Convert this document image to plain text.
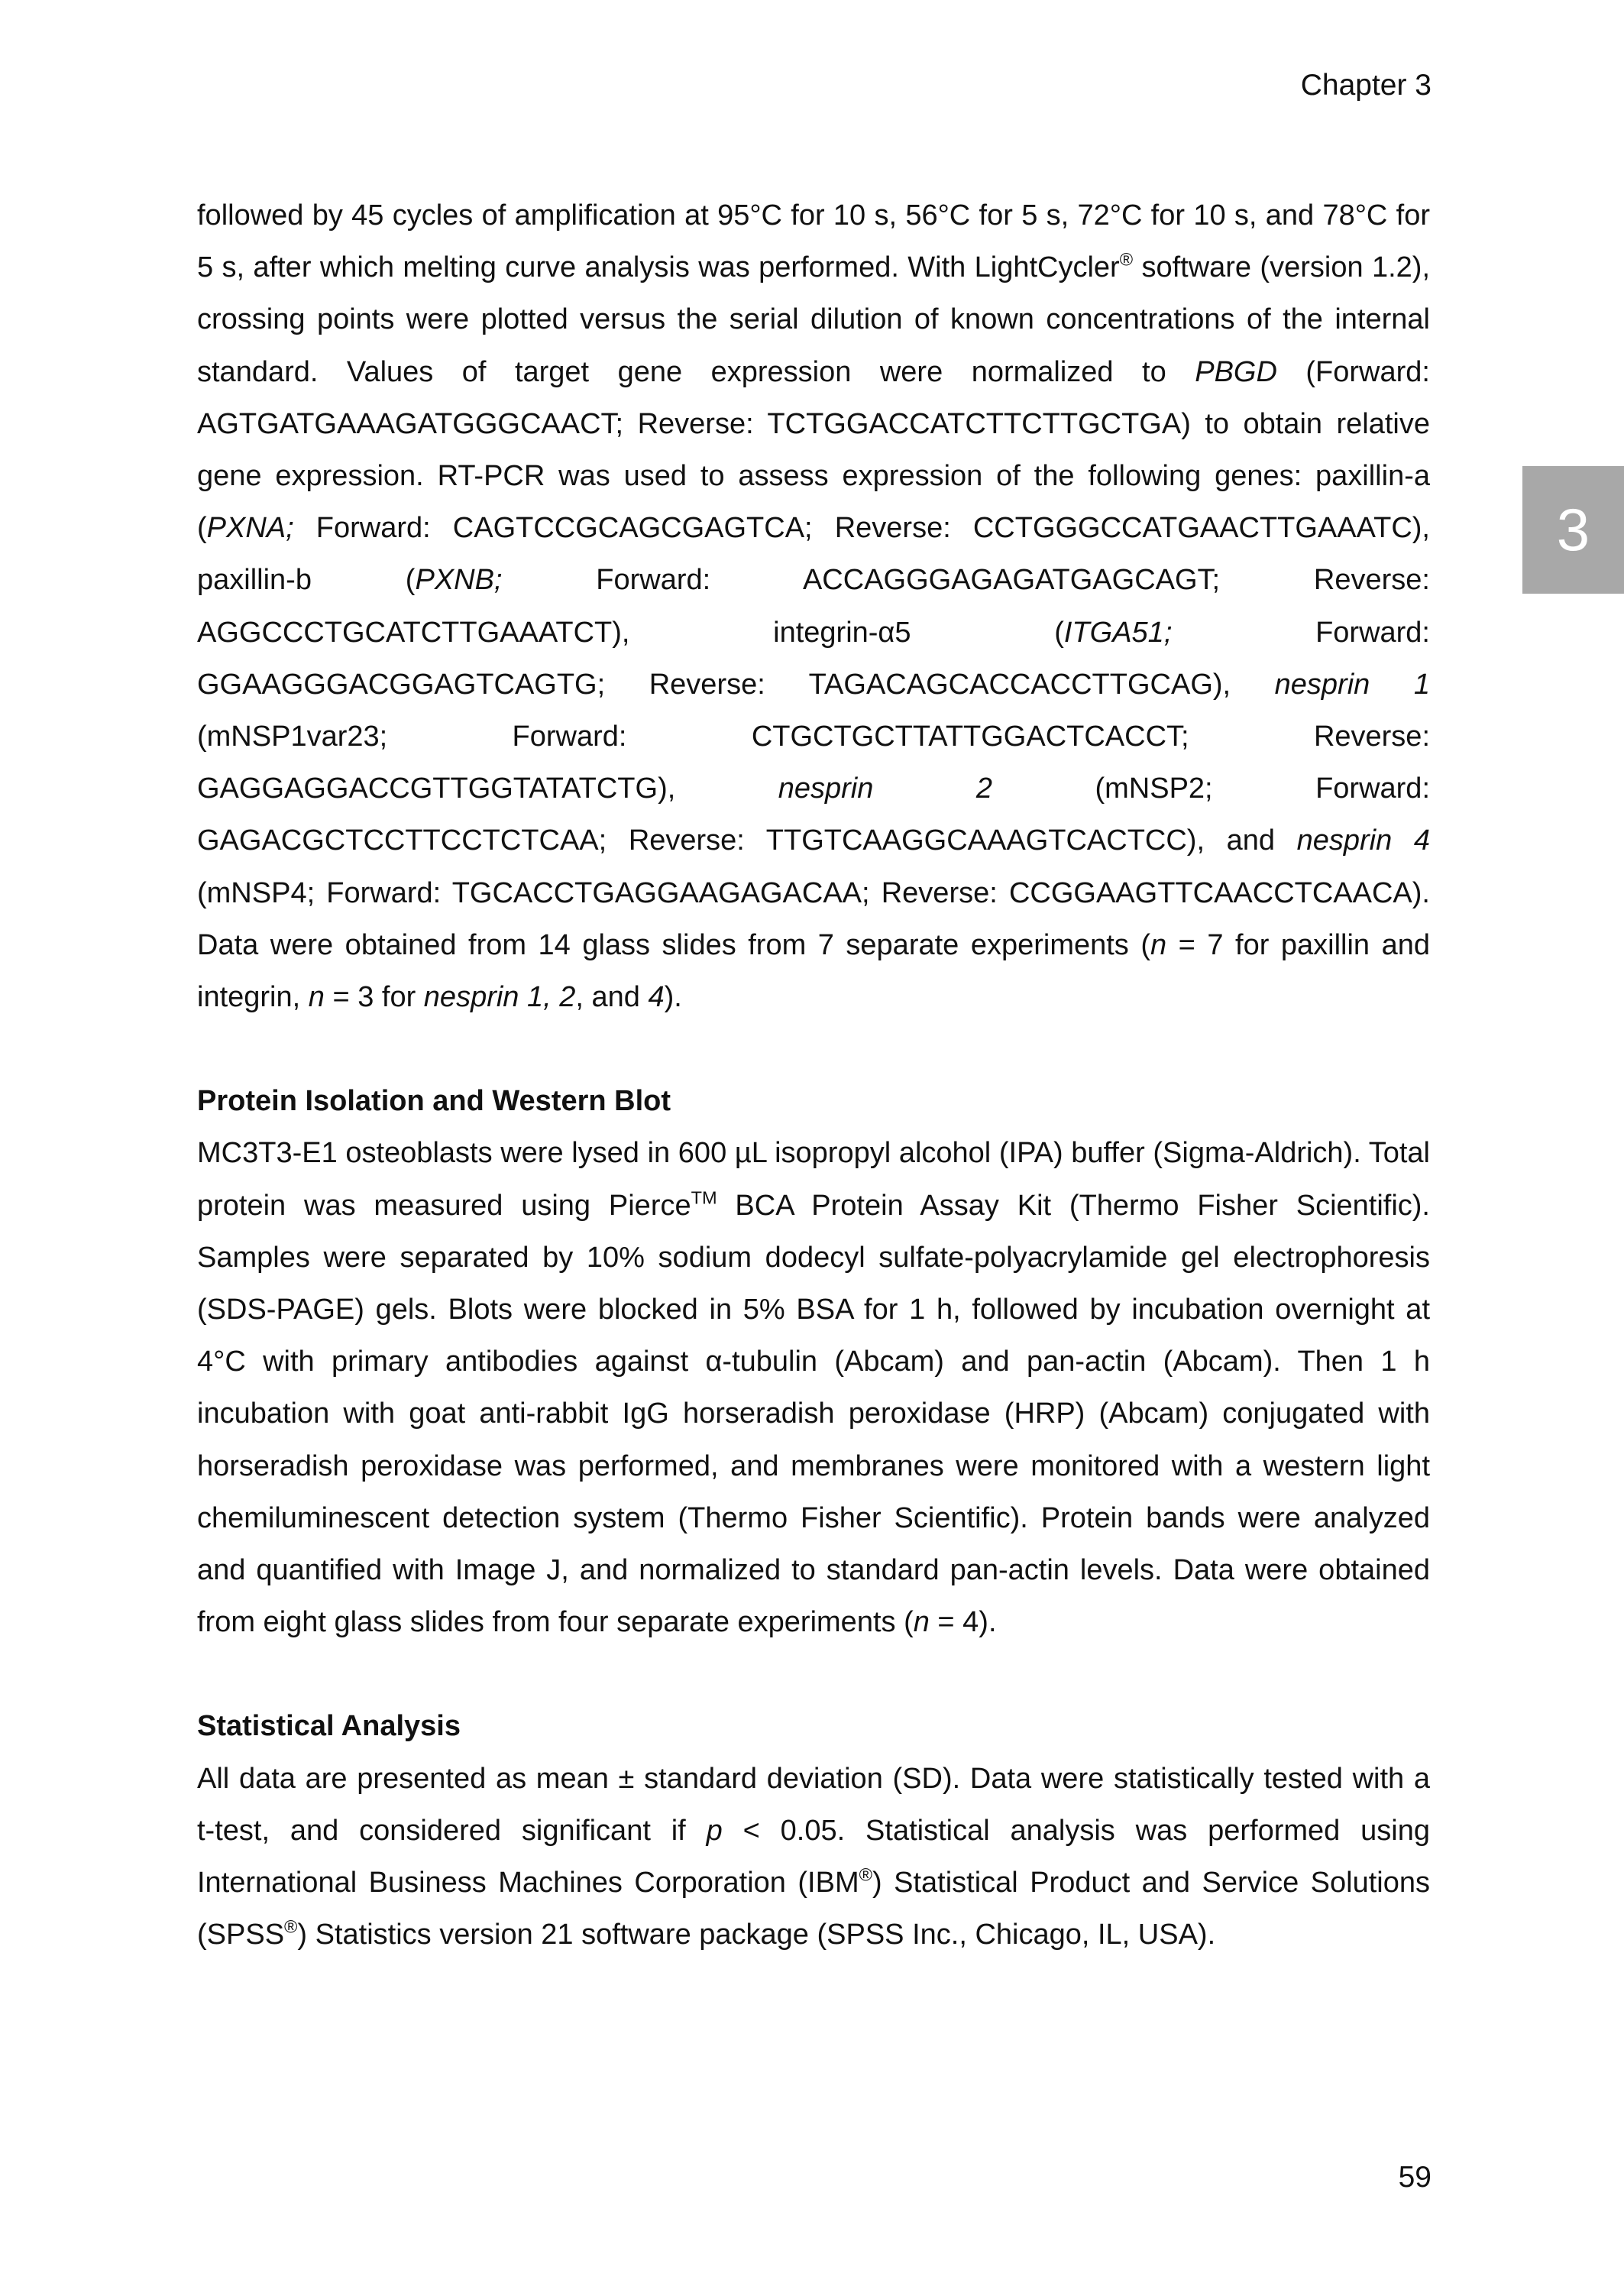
Chapter 3
3

followed by 45 cycles of amplification at 95°C for 10 s, 56°C for 5 s, 72°C for 10 s, and 78°C for 5 s, after which melting curve analysis was performed. With LightCycler® software (version 1.2), crossing points were plotted versus the serial dilution of known concentrations of the internal standard. Values of target gene expression were normalized to PBGD (Forward: AGTGATGAAAGATGGGCAACT; Reverse: TCTGGACCATCTTCTTGCTGA) to obtain relative gene expression. RT-PCR was used to assess expression of the following genes: paxillin-a (PXNA; Forward: CAGTCCGCAGCGAGTCA; Reverse: CCTGGGCCATGAACTTGAAATC), paxillin-b (PXNB; Forward: ACCAGGGAGAGATGAGCAGT; Reverse: AGGCCCTGCATCTTGAAATCT), integrin-α5 (ITGA51; Forward: GGAAGGGACGGAGTCAGTG; Reverse: TAGACAGCACCACCTTGCAG), nesprin 1 (mNSP1var23; Forward: CTGCTGCTTATTGGACTCACCT; Reverse: GAGGAGGACCGTTGGTATATCTG), nesprin 2 (mNSP2; Forward: GAGACGCTCCTTCCTCTCAA; Reverse: TTGTCAAGGCAAAGTCACTCC), and nesprin 4 (mNSP4; Forward: TGCACCTGAGGAAGAGACAA; Reverse: CCGGAAGTTCAACCTCAACA). Data were obtained from 14 glass slides from 7 separate experiments (n = 7 for paxillin and integrin, n = 3 for nesprin 1, 2, and 4).

Protein Isolation and Western Blot

MC3T3-E1 osteoblasts were lysed in 600 µL isopropyl alcohol (IPA) buffer (Sigma-Aldrich). Total protein was measured using Pierce™ BCA Protein Assay Kit (Thermo Fisher Scientific). Samples were separated by 10% sodium dodecyl sulfate-polyacrylamide gel electrophoresis (SDS-PAGE) gels. Blots were blocked in 5% BSA for 1 h, followed by incubation overnight at 4°C with primary antibodies against α-tubulin (Abcam) and pan-actin (Abcam). Then 1 h incubation with goat anti-rabbit IgG horseradish peroxidase (HRP) (Abcam) conjugated with horseradish peroxidase was performed, and membranes were monitored with a western light chemiluminescent detection system (Thermo Fisher Scientific). Protein bands were analyzed and quantified with Image J, and normalized to standard pan-actin levels. Data were obtained from eight glass slides from four separate experiments (n = 4).

Statistical Analysis

All data are presented as mean ± standard deviation (SD). Data were statistically tested with a t-test, and considered significant if p < 0.05. Statistical analysis was performed using International Business Machines Corporation (IBM®) Statistical Product and Service Solutions (SPSS®) Statistics version 21 software package (SPSS Inc., Chicago, IL, USA).

59
